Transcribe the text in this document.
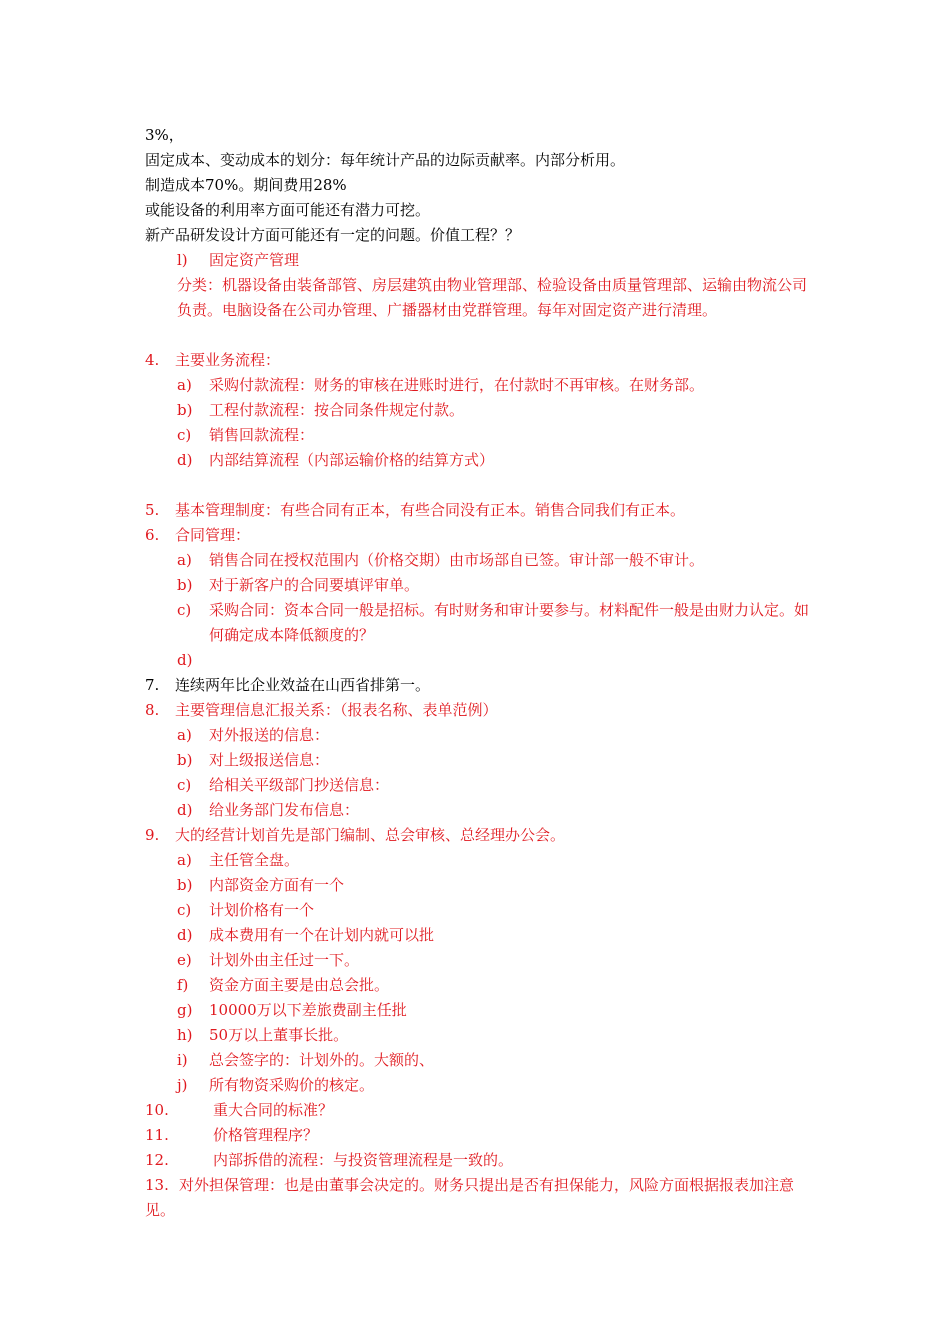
3%，
固定成本、变动成本的划分：每年统计产品的边际贡献率。内部分析用。
制造成本70%。期间费用28%
或能设备的利用率方面可能还有潜力可挖。
新产品研发设计方面可能还有一定的问题。价值工程？？
l) 固定资产管理
分类：机器设备由装备部管、房层建筑由物业管理部、检验设备由质量管理部、运输由物流公司负责。电脑设备在公司办管理、广播器材由党群管理。每年对固定资产进行清理。
4. 主要业务流程：
a) 采购付款流程：财务的审核在进账时进行，在付款时不再审核。在财务部。
b) 工程付款流程：按合同条件规定付款。
c) 销售回款流程：
d) 内部结算流程（内部运输价格的结算方式）
5. 基本管理制度：有些合同有正本，有些合同没有正本。销售合同我们有正本。
6. 合同管理：
a) 销售合同在授权范围内（价格交期）由市场部自已签。审计部一般不审计。
b) 对于新客户的合同要填评审单。
c)	采购合同：资本合同一般是招标。有时财务和审计要参与。材料配件一般是由财力认定。如何确定成本降低额度的？
d)
7. 连续两年比企业效益在山西省排第一。
8. 主要管理信息汇报关系：（报表名称、表单范例）
a) 对外报送的信息：
b) 对上级报送信息：
c) 给相关平级部门抄送信息：
d) 给业务部门发布信息：
9. 大的经营计划首先是部门编制、总会审核、总经理办公会。
a) 主任管全盘。
b) 内部资金方面有一个
c) 计划价格有一个
d) 成本费用有一个在计划内就可以批
e) 计划外由主任过一下。
f) 资金方面主要是由总会批。
g) 10000万以下差旅费副主任批
h) 50万以上董事长批。
i) 总会签字的：计划外的。大额的、
j) 所有物资采购价的核定。
10.	重大合同的标准？
11.	价格管理程序？
12.	内部拆借的流程：与投资管理流程是一致的。
13. 对外担保管理：也是由董事会决定的。财务只提出是否有担保能力，风险方面根据报表加注意见。
